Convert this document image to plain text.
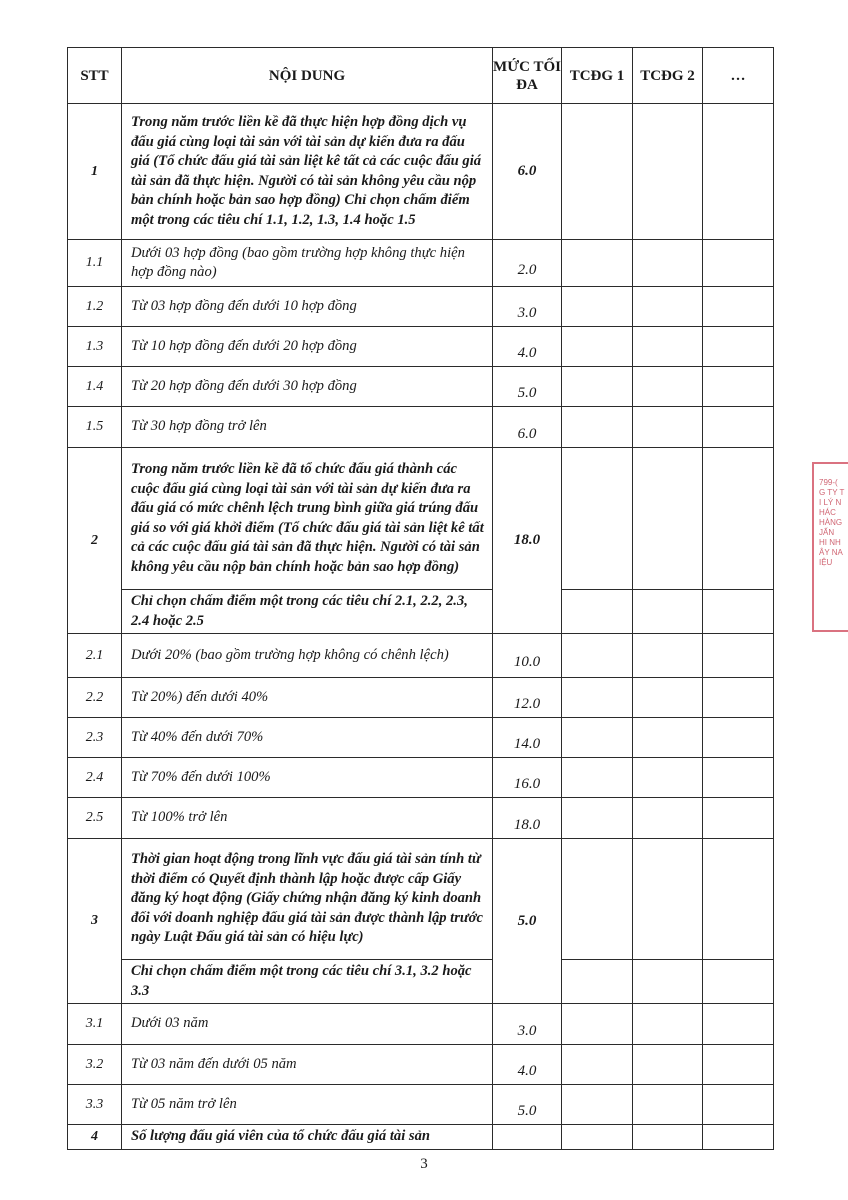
STT	NỘI DUNG	MỨC TỐI ĐA	TCĐG 1	TCĐG 2	…
1	Trong năm trước liền kề đã thực hiện hợp đồng dịch vụ đấu giá cùng loại tài sản với tài sản dự kiến đưa ra đấu giá (Tổ chức đấu giá tài sản liệt kê tất cả các cuộc đấu giá tài sản đã thực hiện. Người có tài sản không yêu cầu nộp bản chính hoặc bản sao hợp đồng) Chỉ chọn chấm điểm một trong các tiêu chí 1.1, 1.2, 1.3, 1.4 hoặc 1.5	6.0			
1.1	Dưới 03 hợp đồng (bao gồm trường hợp không thực hiện hợp đồng nào)	2.0			
1.2	Từ 03 hợp đồng đến dưới 10 hợp đồng	3.0			
1.3	Từ 10 hợp đồng đến dưới 20 hợp đồng	4.0			
1.4	Từ 20 hợp đồng đến dưới 30 hợp đồng	5.0			
1.5	Từ 30 hợp đồng trở lên	6.0			
2	Trong năm trước liền kề đã tổ chức đấu giá thành các cuộc đấu giá cùng loại tài sản với tài sản dự kiến đưa ra đấu giá có mức chênh lệch trung bình giữa giá trúng đấu giá so với giá khởi điểm (Tổ chức đấu giá tài sản liệt kê tất cả các cuộc đấu giá tài sản đã thực hiện. Người có tài sản không yêu cầu nộp bản chính hoặc bản sao hợp đồng)	18.0			
	Chỉ chọn chấm điểm một trong các tiêu chí 2.1, 2.2, 2.3, 2.4 hoặc 2.5				
2.1	Dưới 20% (bao gồm trường hợp không có chênh lệch)	10.0			
2.2	Từ 20%) đến dưới 40%	12.0			
2.3	Từ 40% đến dưới 70%	14.0			
2.4	Từ 70% đến dưới 100%	16.0			
2.5	Từ 100% trở lên	18.0			
3	Thời gian hoạt động trong lĩnh vực đấu giá tài sản tính từ thời điểm có Quyết định thành lập hoặc được cấp Giấy đăng ký hoạt động (Giấy chứng nhận đăng ký kinh doanh đối với doanh nghiệp đấu giá tài sản được thành lập trước ngày Luật Đấu giá tài sản có hiệu lực)	5.0			
	Chỉ chọn chấm điểm một trong các tiêu chí 3.1, 3.2 hoặc 3.3				
3.1	Dưới 03 năm	3.0			
3.2	Từ 03 năm đến dưới 05 năm	4.0			
3.3	Từ 05 năm trở lên	5.0			
4	Số lượng đấu giá viên của tổ chức đấu giá tài sản				
3
799-(
G TY T
I LÝ N
HÁC
HÀNG
JẤN
HI NH
ÂY NA
IỆU
